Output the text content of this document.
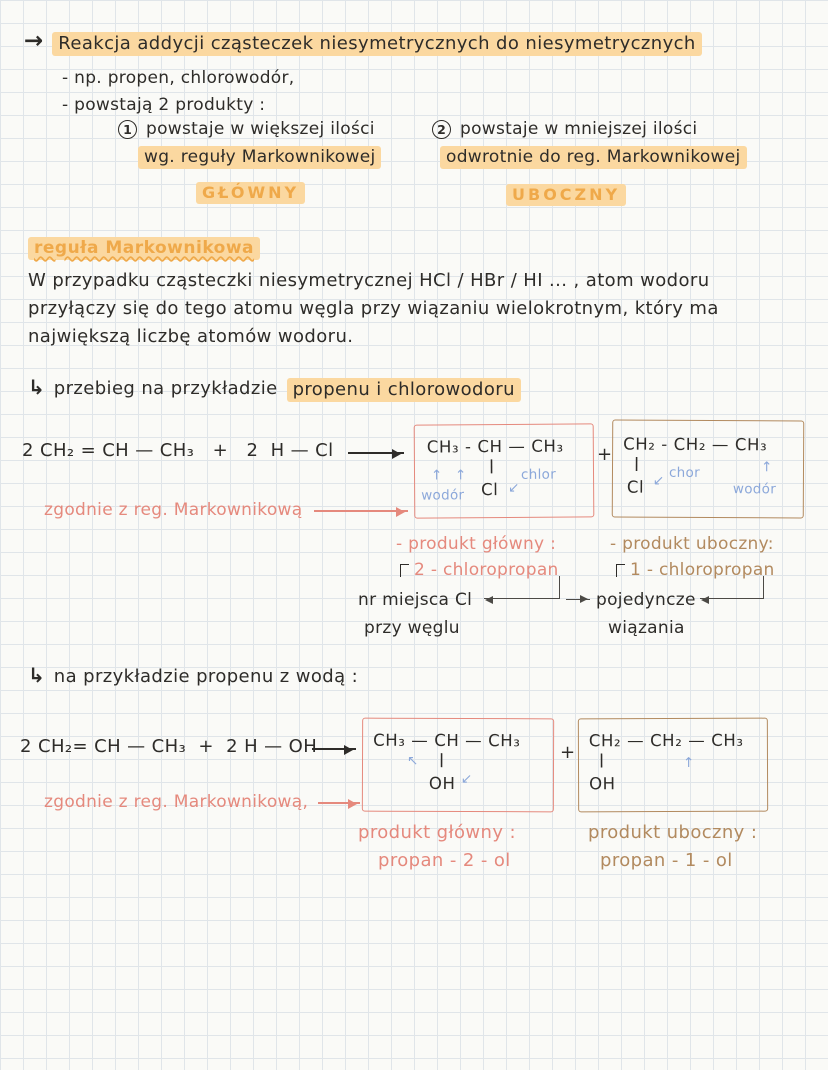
→ Reakcja addycji cząsteczek niesymetrycznych do niesymetrycznych
- np. propen, chlorowodór,
- powstają 2 produkty :
1 powstaje w większej ilości
wg. reguły Markownikowej
GŁÓWNY
2 powstaje w mniejszej ilości
odwrotnie do reg. Markownikowej
UBOCZNY
reguła Markownikowa
W przypadku cząsteczki niesymetrycznej HCl / HBr / HI ... , atom wodoru
przyłączy się do tego atomu węgla przy wiązaniu wielokrotnym, który ma
największą liczbę atomów wodoru.
↳ przebieg na przykładzie propenu i chlorowodoru
2 CH₂ = CH — CH₃   +   2  H — Cl → CH₃ - CH — CH₃
|
Cl
wodór
↑ ↑	chlor
↙
+ CH₂ - CH₂ — CH₃
|
Cl ↙ chor	↑
wodór
zgodnie z reg. Markownikową
- produkt główny :	- produkt uboczny:
2 - chloropropan	1 - chloropropan
nr miejsca Cl
przy węglu
pojedyncze
wiązania
↳ na przykładzie propenu z wodą :
2 CH₂= CH — CH₃  +  2 H — OH → CH₃ — CH — CH₃
↖ |
OH ↙
+
CH₂ — CH₂ — CH₃
|
OH
↑
zgodnie z reg. Markownikową,
produkt główny :
propan - 2 - ol
produkt uboczny :
propan - 1 - ol
